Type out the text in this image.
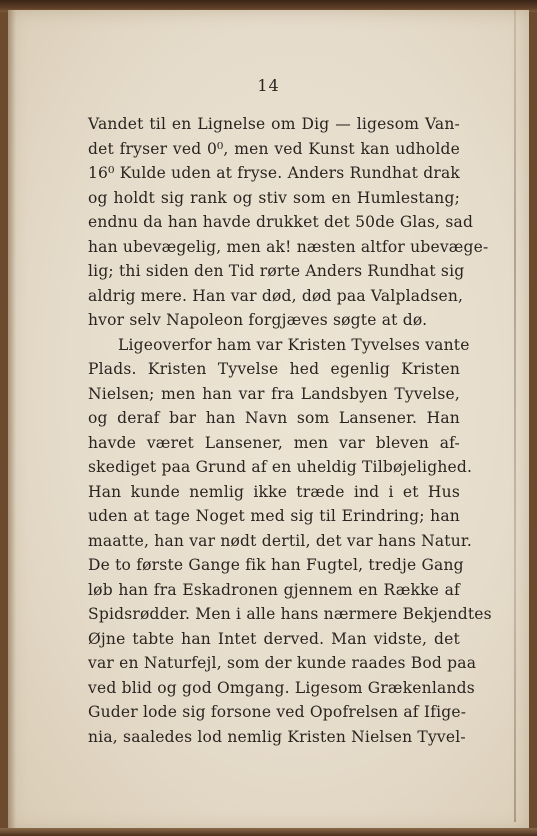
14
Vandet til en Lignelse om Dig — ligesom Van-
det fryser ved 0⁰, men ved Kunst kan udholde
16⁰ Kulde uden at fryse. Anders Rundhat drak
og holdt sig rank og stiv som en Humlestang;
endnu da han havde drukket det 50de Glas, sad
han ubevægelig, men ak! næsten altfor ubevæge-
lig; thi siden den Tid rørte Anders Rundhat sig
aldrig mere. Han var død, død paa Valpladsen,
hvor selv Napoleon forgjæves søgte at dø.
Ligeoverfor ham var Kristen Tyvelses vante
Plads. Kristen Tyvelse hed egenlig Kristen
Nielsen; men han var fra Landsbyen Tyvelse,
og deraf bar han Navn som Lansener. Han
havde været Lansener, men var bleven af-
skediget paa Grund af en uheldig Tilbøjelighed.
Han kunde nemlig ikke træde ind i et Hus
uden at tage Noget med sig til Erindring; han
maatte, han var nødt dertil, det var hans Natur.
De to første Gange fik han Fugtel, tredje Gang
løb han fra Eskadronen gjennem en Række af
Spidsrødder. Men i alle hans nærmere Bekjendtes
Øjne tabte han Intet derved. Man vidste, det
var en Naturfejl, som der kunde raades Bod paa
ved blid og god Omgang. Ligesom Grækenlands
Guder lode sig forsone ved Opofrelsen af Ifige-
nia, saaledes lod nemlig Kristen Nielsen Tyvel-
